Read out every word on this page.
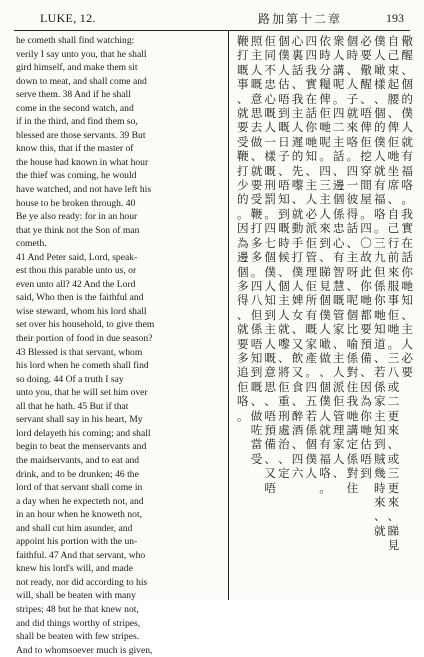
LUKE, 12.	路加第十二章	193
he cometh shall find watching:
verily I say unto you, that he shall
gird himself, and make them sit
down to meat, and shall come and
serve them. 38 And if he shall
come in the second watch, and
if in the third, and find them so,
blessed are those servants. 39 But
know this, that if the master of
the house had known in what hour
the thief was coming, he would
have watched, and not have left his
house to be broken through. 40
Be ye also ready: for in an hour
that ye think not the Son of man
cometh.
41 And Peter said, Lord, speak-
est thou this parable unto us, or
even unto all? 42 And the Lord
said, Who then is the faithful and
wise steward, whom his lord shall
set over his household, to give them
their portion of food in due season?
43 Blessed is that servant, whom
his lord when he cometh shall find
so doing. 44 Of a truth I say
unto you, that he will set him over
all that he hath. 45 But if that
servant shall say in his heart, My
lord delayeth his coming; and shall
begin to beat the menservants and
the maidservants, and to eat and
drink, and to be drunken; 46 the
lord of that servant shall come in
a day when he expecteth not, and
in an hour when he knoweth not,
and shall cut him asunder, and
appoint his portion with the un-
faithful. 47 And that servant, who
knew his lord's will, and made
not ready, nor did according to his
will, shall be beaten with many
stripes; 48 but he that knew not,
and did things worthy of stripes,
shall be beaten with few stripes.
And to whomsoever much is given,
儆
醒
、
個
的
僕
人
就
有
福
咯
。
我
實
在
話
你
哋
知
、
主
人
必
要
自
己
束
起
腰
、
俾
佢
哋
坐
席
、
自
己
行
前
來
服
事
佢
哋
。
三
八
或
二
更
來
、
或
三
更
來
、
睇
見
僕
人
噉
樣
、
個
的
僕
人
就
有
福
咯
。
三
九
但
係
你
哋
知
道
、
若
係
家
主
知
到
賊
幾
時
來
、
就
必
要
儆
醒
、
唔
俾
佢
挖
穿
間
屋
。
四
〇
故
此
你
哋
都
要
預
備
、
因
為
你
哋
估
唔
到
個
時
、
人
子
就
來
咯
。
四
一
彼
得
話
、
主
呀
、
呢
個
比
喻
係
對
住
我
哋
講
定
係
對
住
衆
人
講
呢
。
四
二
主
話
、
邊
個
係
忠
心
有
智
慧
嘅
管
家
、
主
人
派
佢
管
理
家
人
、
依
時
分
糧
俾
佢
哋
呢
。
四
三
主
人
來
到
、
睇
見
個
僕
人
噉
做
、
個
僕
人
就
有
福
咯
。
四
四
我
實
在
話
你
哋
知
、
主
人
必
派
佢
管
理
佢
所
有
嘅
家
產
。
四
五
若
係
個
僕
人
心
裏
話
、
我
主
人
遲
的
先
嚟
、
就
動
手
打
僕
人
婢
女
、
又
飲
又
食
、
醉
酒
、
四
六
個
僕
人
估
唔
到
嘅
日
子
、
唔
知
到
嘅
時
候
、
個
主
人
就
嚟
、
將
佢
重
刑
處
治
、
定
佢
同
不
忠
心
嘅
人
一
樣
嘅
刑
罰
。
四
七
個
僕
人
知
到
主
人
嘅
意
思
、
唔
預
備
、
又
唔
照
主
人
嘅
意
思
去
做
、
就
要
受
鞭
打
多
多
。
四
八
但
係
唔
知
到
嘅
、
做
咗
當
受
鞭
打
嘅
事
、
就
要
受
鞭
打
少
的
。
因
為
邊
個
多
得
、
就
要
多
追
佢
咯
。
